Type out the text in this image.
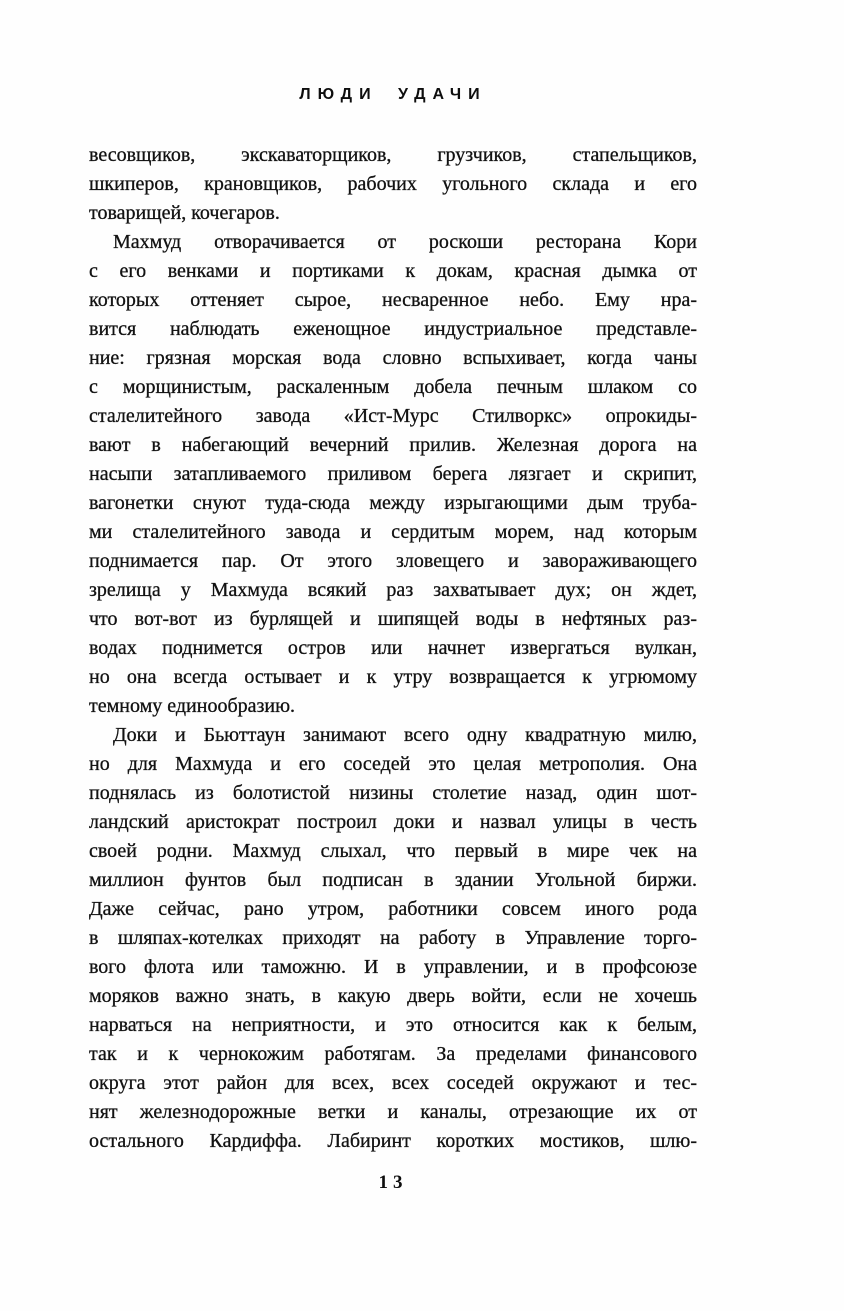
ЛЮДИ УДАЧИ
весовщиков, экскаваторщиков, грузчиков, стапельщиков,
шкиперов, крановщиков, рабочих угольного склада и его
товарищей, кочегаров.
Махмуд отворачивается от роскоши ресторана Кори
с его венками и портиками к докам, красная дымка от
которых оттеняет сырое, несваренное небо. Ему нра-
вится наблюдать еженощное индустриальное представле-
ние: грязная морская вода словно вспыхивает, когда чаны
с морщинистым, раскаленным добела печным шлаком со
сталелитейного завода «Ист-Мурс Стилворкс» опрокиды-
вают в набегающий вечерний прилив. Железная дорога на
насыпи затапливаемого приливом берега лязгает и скрипит,
вагонетки снуют туда-сюда между изрыгающими дым труба-
ми сталелитейного завода и сердитым морем, над которым
поднимается пар. От этого зловещего и завораживающего
зрелища у Махмуда всякий раз захватывает дух; он ждет,
что вот-вот из бурлящей и шипящей воды в нефтяных раз-
водах поднимется остров или начнет извергаться вулкан,
но она всегда остывает и к утру возвращается к угрюмому
темному единообразию.
Доки и Бьюттаун занимают всего одну квадратную милю,
но для Махмуда и его соседей это целая метрополия. Она
поднялась из болотистой низины столетие назад, один шот-
ландский аристократ построил доки и назвал улицы в честь
своей родни. Махмуд слыхал, что первый в мире чек на
миллион фунтов был подписан в здании Угольной биржи.
Даже сейчас, рано утром, работники совсем иного рода
в шляпах-котелках приходят на работу в Управление торго-
вого флота или таможню. И в управлении, и в профсоюзе
моряков важно знать, в какую дверь войти, если не хочешь
нарваться на неприятности, и это относится как к белым,
так и к чернокожим работягам. За пределами финансового
округа этот район для всех, всех соседей окружают и тес-
нят железнодорожные ветки и каналы, отрезающие их от
остального Кардиффа. Лабиринт коротких мостиков, шлю-
13
